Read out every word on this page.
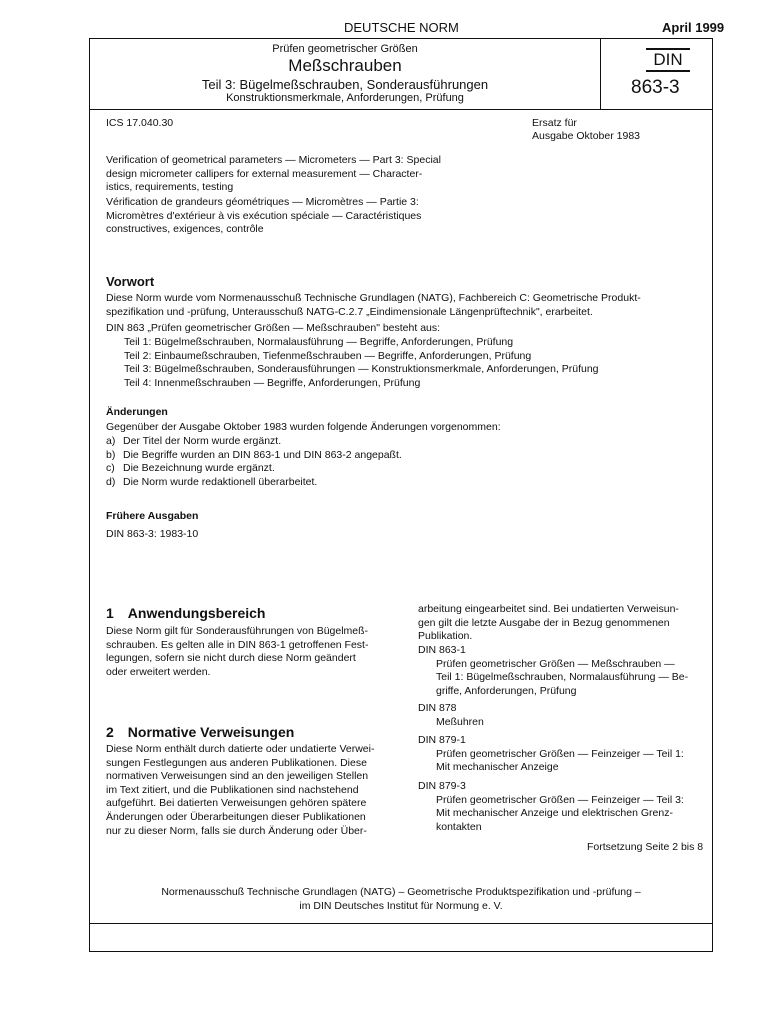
DEUTSCHE NORM	April 1999
Prüfen geometrischer Größen
Meßschrauben
Teil 3: Bügelmeßschrauben, Sonderausführungen
Konstruktionsmerkmale, Anforderungen, Prüfung
DIN
863-3
ICS 17.040.30	Ersatz für
Ausgabe Oktober 1983
Verification of geometrical parameters — Micrometers — Part 3: Special
design micrometer callipers for external measurement — Character-
istics, requirements, testing
Vérification de grandeurs géométriques — Micromètres — Partie 3:
Micromètres d'extérieur à vis exécution spéciale — Caractéristiques
constructives, exigences, contrôle
Vorwort
Diese Norm wurde vom Normenausschuß Technische Grundlagen (NATG), Fachbereich C: Geometrische Produkt-
spezifikation und -prüfung, Unterausschuß NATG-C.2.7 „Eindimensionale Längenprüftechnik", erarbeitet.
DIN 863 „Prüfen geometrischer Größen — Meßschrauben" besteht aus:
Teil 1: Bügelmeßschrauben, Normalausführung — Begriffe, Anforderungen, Prüfung
Teil 2: Einbaumeßschrauben, Tiefenmeßschrauben — Begriffe, Anforderungen, Prüfung
Teil 3: Bügelmeßschrauben, Sonderausführungen — Konstruktionsmerkmale, Anforderungen, Prüfung
Teil 4: Innenmeßschrauben — Begriffe, Anforderungen, Prüfung
Änderungen
Gegenüber der Ausgabe Oktober 1983 wurden folgende Änderungen vorgenommen:
a) Der Titel der Norm wurde ergänzt.
b) Die Begriffe wurden an DIN 863-1 und DIN 863-2 angepaßt.
c) Die Bezeichnung wurde ergänzt.
d) Die Norm wurde redaktionell überarbeitet.
Frühere Ausgaben
DIN 863-3: 1983-10
1 Anwendungsbereich
Diese Norm gilt für Sonderausführungen von Bügelmeß-
schrauben. Es gelten alle in DIN 863-1 getroffenen Fest-
legungen, sofern sie nicht durch diese Norm geändert
oder erweitert werden.
2 Normative Verweisungen
Diese Norm enthält durch datierte oder undatierte Verwei-
sungen Festlegungen aus anderen Publikationen. Diese
normativen Verweisungen sind an den jeweiligen Stellen
im Text zitiert, und die Publikationen sind nachstehend
aufgeführt. Bei datierten Verweisungen gehören spätere
Änderungen oder Überarbeitungen dieser Publikationen
nur zu dieser Norm, falls sie durch Änderung oder Über-
arbeitung eingearbeitet sind. Bei undatierten Verweisun-
gen gilt die letzte Ausgabe der in Bezug genommenen
Publikation.
DIN 863-1
Prüfen geometrischer Größen — Meßschrauben —
Teil 1: Bügelmeßschrauben, Normalausführung — Be-
griffe, Anforderungen, Prüfung
DIN 878
Meßuhren
DIN 879-1
Prüfen geometrischer Größen — Feinzeiger — Teil 1:
Mit mechanischer Anzeige
DIN 879-3
Prüfen geometrischer Größen — Feinzeiger — Teil 3:
Mit mechanischer Anzeige und elektrischen Grenz-
kontakten
Fortsetzung Seite 2 bis 8
Normenausschuß Technische Grundlagen (NATG) – Geometrische Produktspezifikation und -prüfung –
im DIN Deutsches Institut für Normung e. V.
